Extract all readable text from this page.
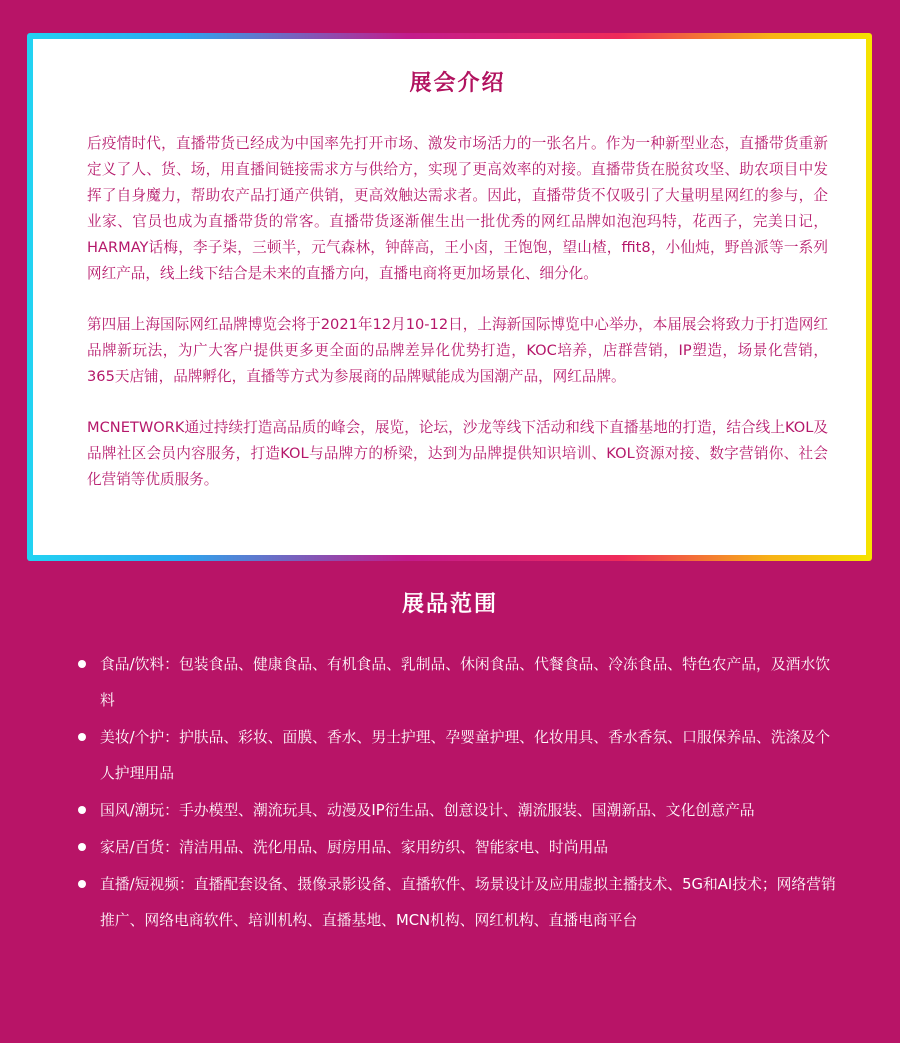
展会介绍

后疫情时代，直播带货已经成为中国率先打开市场、激发市场活力的一张名片。作为一种新型业态，直播带货重新定义了人、货、场，用直播间链接需求方与供给方，实现了更高效率的对接。直播带货在脱贫攻坚、助农项目中发挥了自身魔力，帮助农产品打通产供销，更高效触达需求者。因此，直播带货不仅吸引了大量明星网红的参与，企业家、官员也成为直播带货的常客。直播带货逐渐催生出一批优秀的网红品牌如泡泡玛特，花西子，完美日记，HARMAY话梅，李子柒，三顿半，元气森林，钟薛高，王小卤，王饱饱，望山楂，ffit8，小仙炖，野兽派等一系列网红产品，线上线下结合是未来的直播方向，直播电商将更加场景化、细分化。

第四届上海国际网红品牌博览会将于2021年12月10-12日，上海新国际博览中心举办，本届展会将致力于打造网红品牌新玩法，为广大客户提供更多更全面的品牌差异化优势打造，KOC培养，店群营销，IP塑造，场景化营销，365天店铺，品牌孵化，直播等方式为参展商的品牌赋能成为国潮产品，网红品牌。

MCNETWORK通过持续打造高品质的峰会，展览，论坛，沙龙等线下活动和线下直播基地的打造，结合线上KOL及品牌社区会员内容服务，打造KOL与品牌方的桥梁，达到为品牌提供知识培训、KOL资源对接、数字营销你、社会化营销等优质服务。

展品范围
食品/饮料：包装食品、健康食品、有机食品、乳制品、休闲食品、代餐食品、冷冻食品、特色农产品，及酒水饮料
美妆/个护：护肤品、彩妆、面膜、香水、男士护理、孕婴童护理、化妆用具、香水香氛、口服保养品、洗涤及个人护理用品
国风/潮玩：手办模型、潮流玩具、动漫及IP衍生品、创意设计、潮流服装、国潮新品、文化创意产品
家居/百货：清洁用品、洗化用品、厨房用品、家用纺织、智能家电、时尚用品
直播/短视频：直播配套设备、摄像录影设备、直播软件、场景设计及应用虚拟主播技术、5G和AI技术；网络营销推广、网络电商软件、培训机构、直播基地、MCN机构、网红机构、直播电商平台
